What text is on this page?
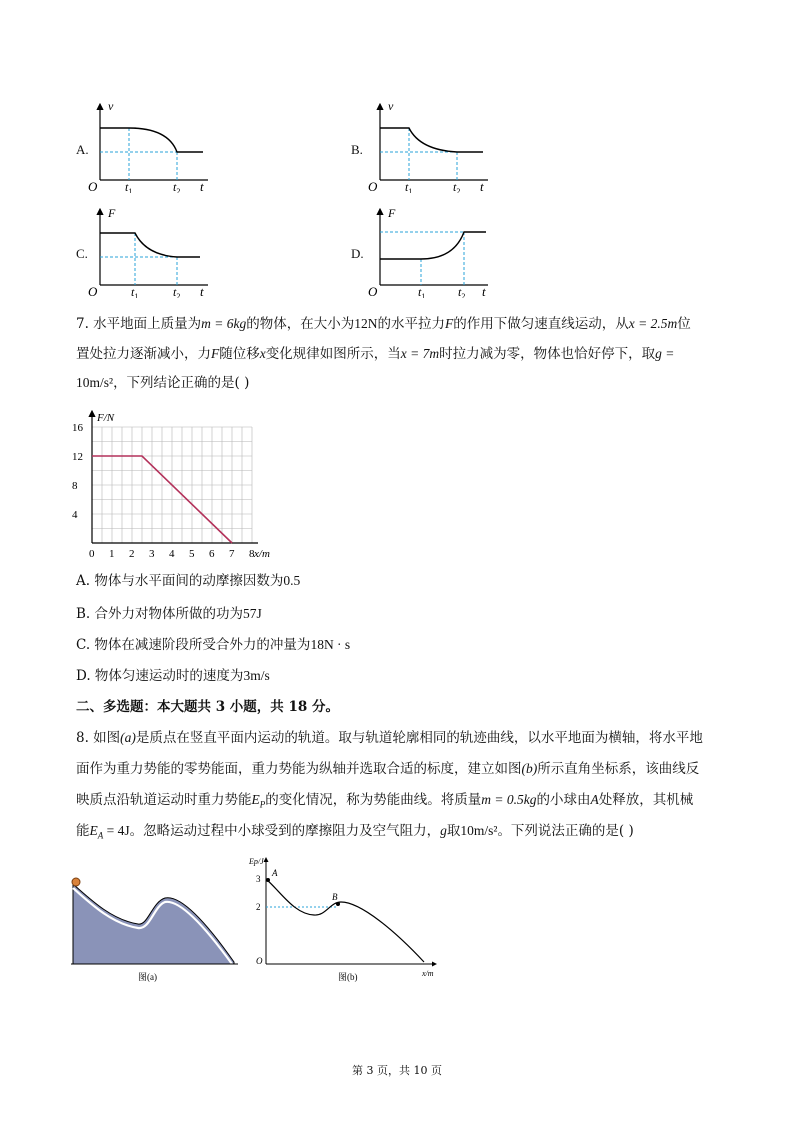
A.
v
O $t_1$	$t_2$ t
B.
v
O $t_1$	$t_2$ t
C.
F
O	$t_1$	$t_2$ t
D.
F
O	$t_1$	$t_2$ t
7. 水平地面上质量为m = 6kg的物体，在大小为12N的水平拉力F的作用下做匀速直线运动，从x = 2.5m位
置处拉力逐渐减小，力F随位移x变化规律如图所示，当x = 7m时拉力减为零，物体也恰好停下，取g =
10m/s²，下列结论正确的是( )
0 1 2 3 4 5 6 7 8
4
8
12
16
F/N
x/m
A. 物体与水平面间的动摩擦因数为0.5
B. 合外力对物体所做的功为57J
C. 物体在减速阶段所受合外力的冲量为18N · s
D. 物体匀速运动时的速度为3m/s
二、多选题：本大题共 3 小题，共 18 分。
8. 如图(a)是质点在竖直平面内运动的轨道。取与轨道轮廓相同的轨迹曲线，以水平地面为横轴，将水平地
面作为重力势能的零势能面，重力势能为纵轴并选取合适的标度，建立如图(b)所示直角坐标系，该曲线反
映质点沿轨道运动时重力势能$E_P$的变化情况，称为势能曲线。将质量m = 0.5kg的小球由A处释放，其机械
能$E_A = 4J$。忽略运动过程中小球受到的摩擦阻力及空气阻力，g取10m/s²。下列说法正确的是( )
图(a)
A
B
Ep/J
3
2
O
x/m
图(b)
第 3 页，共 10 页
